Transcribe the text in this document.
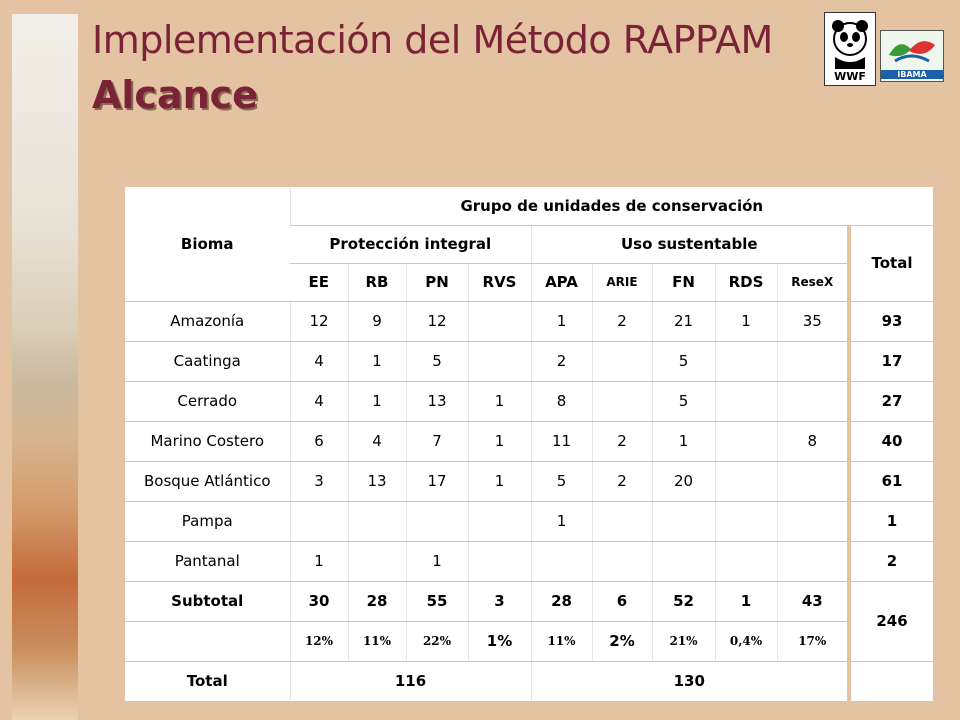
Implementación del Método RAPPAM
Alcance	WWF	IBAMA
Bioma	Grupo de unidades de conservación									
	Protección integral				Uso sustentable					Total
	EE	RB	PN	RVS	APA	ARIE	FN	RDS	ReseX	
Amazonía	12	9	12		1	2	21	1	35	93
Caatinga	4	1	5		2		5			17
Cerrado	4	1	13	1	8		5			27
Marino Costero	6	4	7	1	11	2	1		8	40
Bosque Atlántico	3	13	17	1	5	2	20			61
Pampa					1					1
Pantanal	1		1							2
Subtotal	30	28	55	3	28	6	52	1	43	246
	12%	11%	22%	1%	11%	2%	21%	0,4%	17%	
Total	116				130					
